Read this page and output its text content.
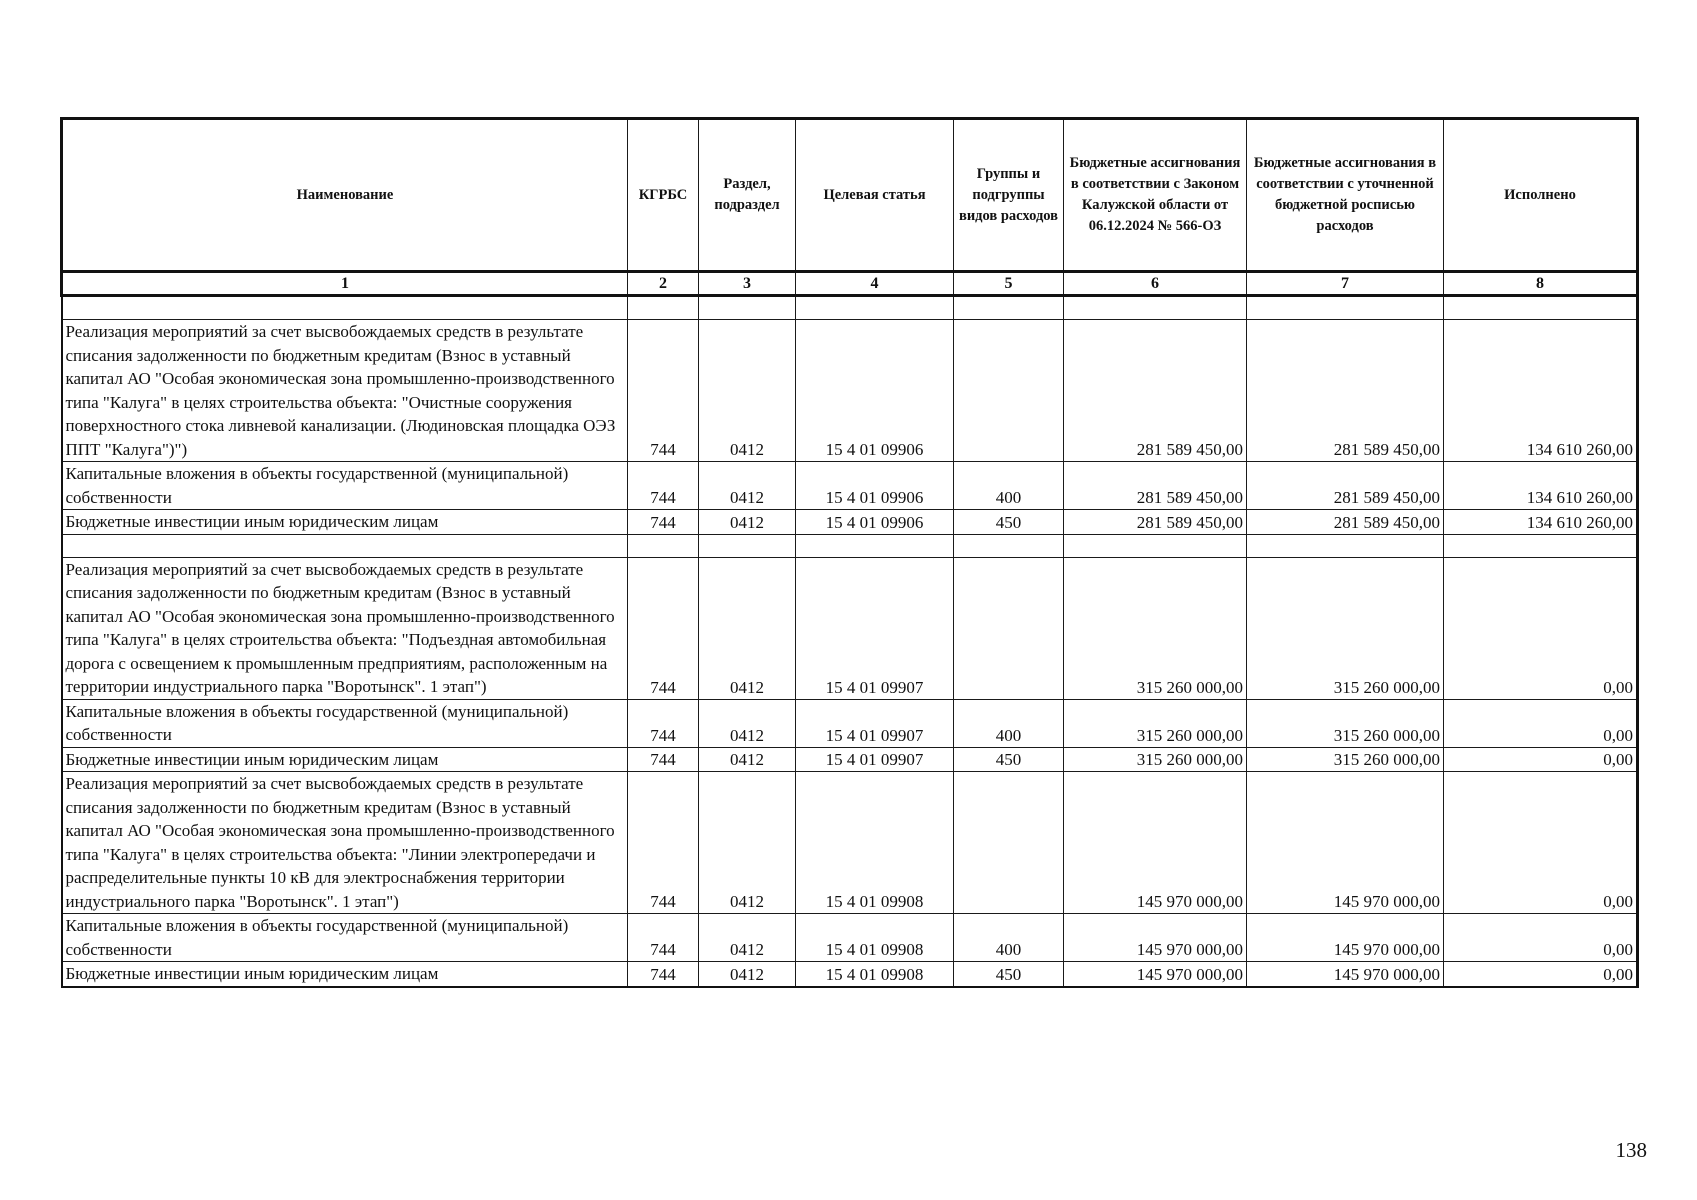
Наименование	КГРБС	Раздел, подраздел	Целевая статья	Группы и подгруппы видов расходов	Бюджетные ассигнования в соответствии с Законом Калужской области от 06.12.2024 № 566-ОЗ	Бюджетные ассигнования в соответствии с уточненной бюджетной росписью расходов	Исполнено
1	2	3	4	5	6	7	8

Реализация мероприятий за счет высвобождаемых средств в результате списания задолженности по бюджетным кредитам (Взнос в уставный капитал АО "Особая экономическая зона промышленно-производственного типа "Калуга" в целях строительства объекта: "Очистные сооружения поверхностного стока ливневой канализации. (Людиновская площадка ОЭЗ ППТ "Калуга")")	744	0412	15 4 01 09906		281 589 450,00	281 589 450,00	134 610 260,00
Капитальные вложения в объекты государственной (муниципальной) собственности	744	0412	15 4 01 09906	400	281 589 450,00	281 589 450,00	134 610 260,00
Бюджетные инвестиции иным юридическим лицам	744	0412	15 4 01 09906	450	281 589 450,00	281 589 450,00	134 610 260,00

Реализация мероприятий за счет высвобождаемых средств в результате списания задолженности по бюджетным кредитам (Взнос в уставный капитал АО "Особая экономическая зона промышленно-производственного типа "Калуга" в целях строительства объекта: "Подъездная автомобильная дорога с освещением к промышленным предприятиям, расположенным на территории индустриального парка "Воротынск". 1 этап")	744	0412	15 4 01 09907		315 260 000,00	315 260 000,00	0,00
Капитальные вложения в объекты государственной (муниципальной) собственности	744	0412	15 4 01 09907	400	315 260 000,00	315 260 000,00	0,00
Бюджетные инвестиции иным юридическим лицам	744	0412	15 4 01 09907	450	315 260 000,00	315 260 000,00	0,00
Реализация мероприятий за счет высвобождаемых средств в результате списания задолженности по бюджетным кредитам (Взнос в уставный капитал АО "Особая экономическая зона промышленно-производственного типа "Калуга" в целях строительства объекта: "Линии электропередачи и распределительные пункты 10 кВ для электроснабжения территории индустриального парка "Воротынск". 1 этап")	744	0412	15 4 01 09908		145 970 000,00	145 970 000,00	0,00
Капитальные вложения в объекты государственной (муниципальной) собственности	744	0412	15 4 01 09908	400	145 970 000,00	145 970 000,00	0,00
Бюджетные инвестиции иным юридическим лицам	744	0412	15 4 01 09908	450	145 970 000,00	145 970 000,00	0,00
138
